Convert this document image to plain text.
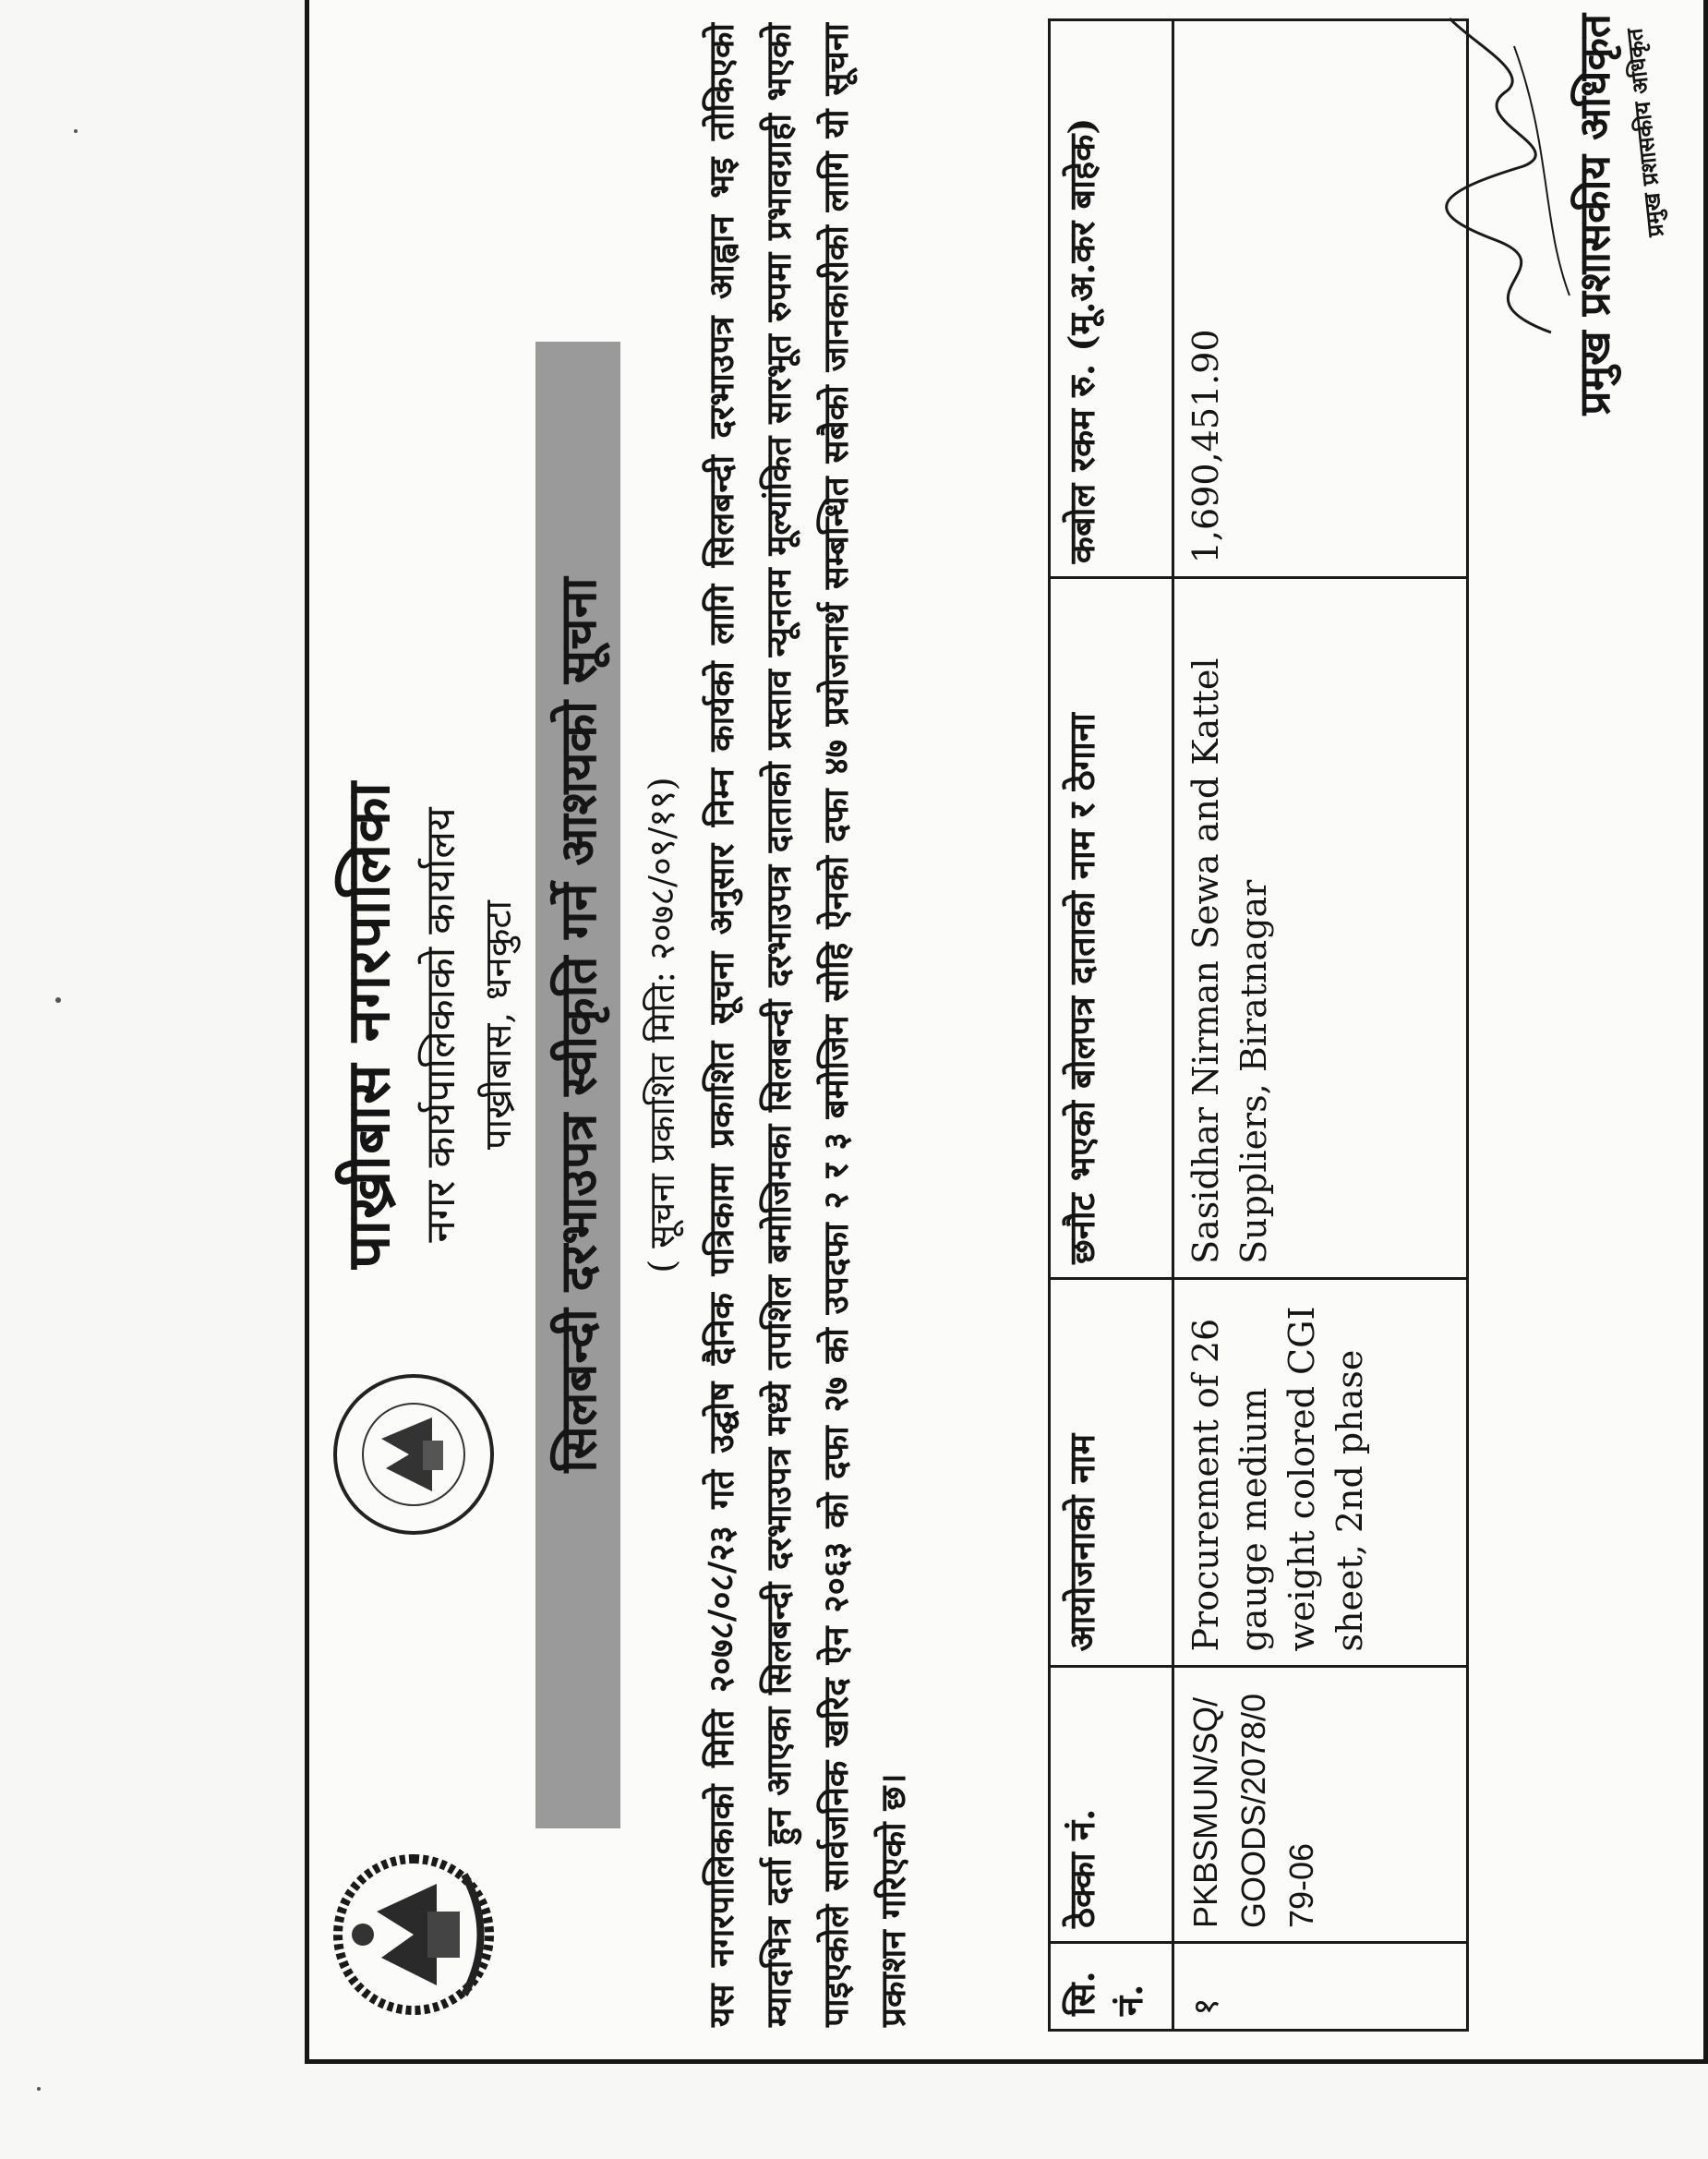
पाख्रीबास नगरपालिका नगर कार्यपालिकाको कार्यालय पाख्रीबास, धनकुटा सिलबन्दी दरभाउपत्र स्वीकृति गर्ने आशयको सूचना ( सूचना प्रकाशित मिति: २०७८/०९/१९) यस नगरपालिकाको मिति २०७८/०८/२३ गते उद्घोष दैनिक पत्रिकामा प्रकाशित सूचना अनुसार निम्न कार्यको लागि सिलबन्दी दरभाउपत्र आह्वान भइ तोकिएको म्यादभित्र दर्ता हुन आएका सिलबन्दी दरभाउपत्र मध्ये तपशिल बमोजिमका सिलबन्दी दरभाउपत्र दाताको प्रस्ताव न्यूनतम मूल्यांकित सारभूत रुपमा प्रभावग्राही भएको पाइएकोले सार्वजनिक खरिद ऐन २०६३ को दफा २७ को उपदफा २ र ३ बमोजिम सोहि ऐनको दफा ४७ प्रयोजनार्थ सम्बन्धित सबैको जानकारीको लागि यो सूचना प्रकाशन गरिएको छ।	सि. नं.	ठेक्का नं.	आयोजनाको नाम	छनौट भएको बोलपत्र दाताको नाम र ठेगाना	कबोल रकम रु. (मू.अ.कर बाहेक)
१	PKBSMUN/SQ/GOODS/2078/079-06	Procurement of 26 gauge medium weight colored CGI sheet, 2nd phase	Sasidhar Nirman Sewa and Kattel Suppliers, Biratnagar	1,690,451.90
प्रमुख प्रशासकीय अधिकृत प्रमुख प्रशासकीय अधिकृत
